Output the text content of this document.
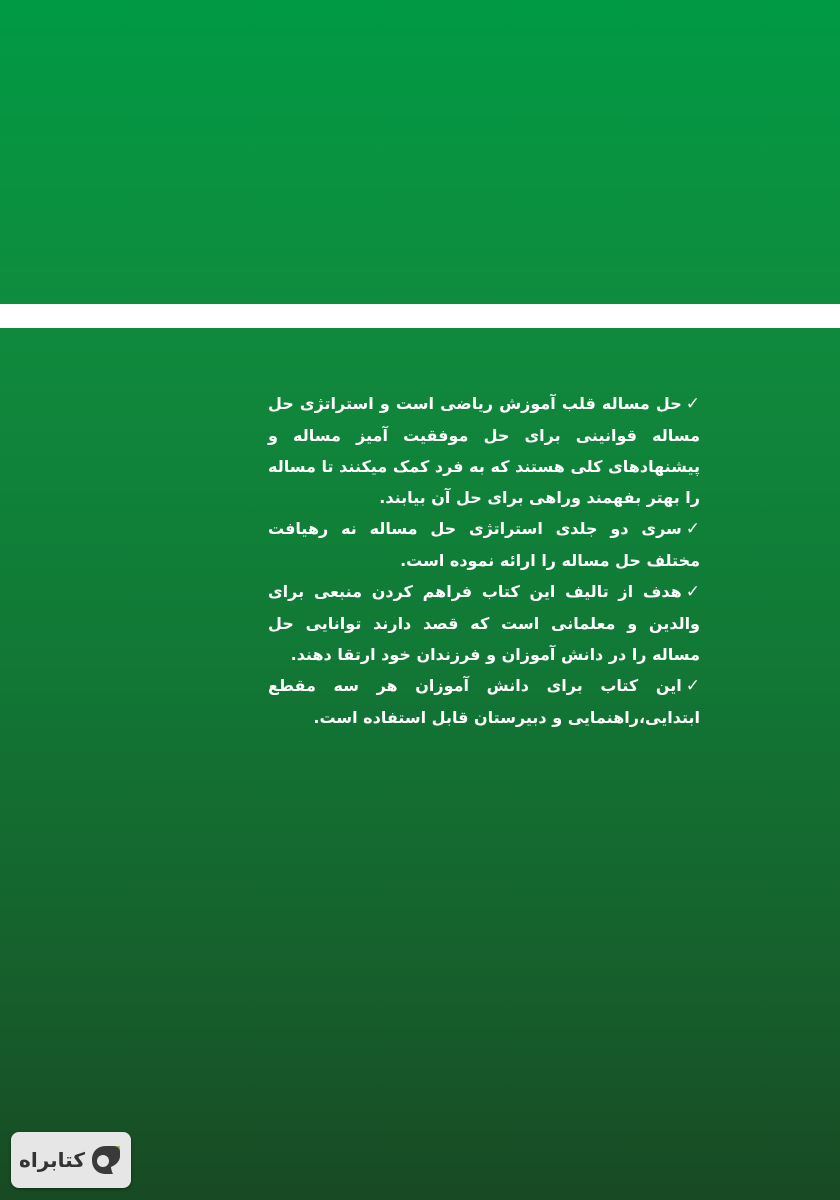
✓حل مساله قلب آموزش ریاضی است و استراتژی حل مساله قوانینی برای حل موفقیت آمیز مساله و پیشنهادهای کلی هستند که به فرد کمک میکنند تا مساله را بهتر بفهمند وراهی برای حل آن بیابند.

✓سری دو جلدی استراتژی حل مساله نه رهیافت مختلف حل مساله را ارائه نموده است.

✓هدف از تالیف این کتاب فراهم کردن منبعی برای والدین و معلمانی است که قصد دارند توانایی حل مساله را در دانش آموزان و فرزندان خود ارتقا دهند.

✓این کتاب برای دانش آموزان هر سه مقطع ابتدایی،راهنمایی و دبیرستان قابل استفاده است.

کتابراه
